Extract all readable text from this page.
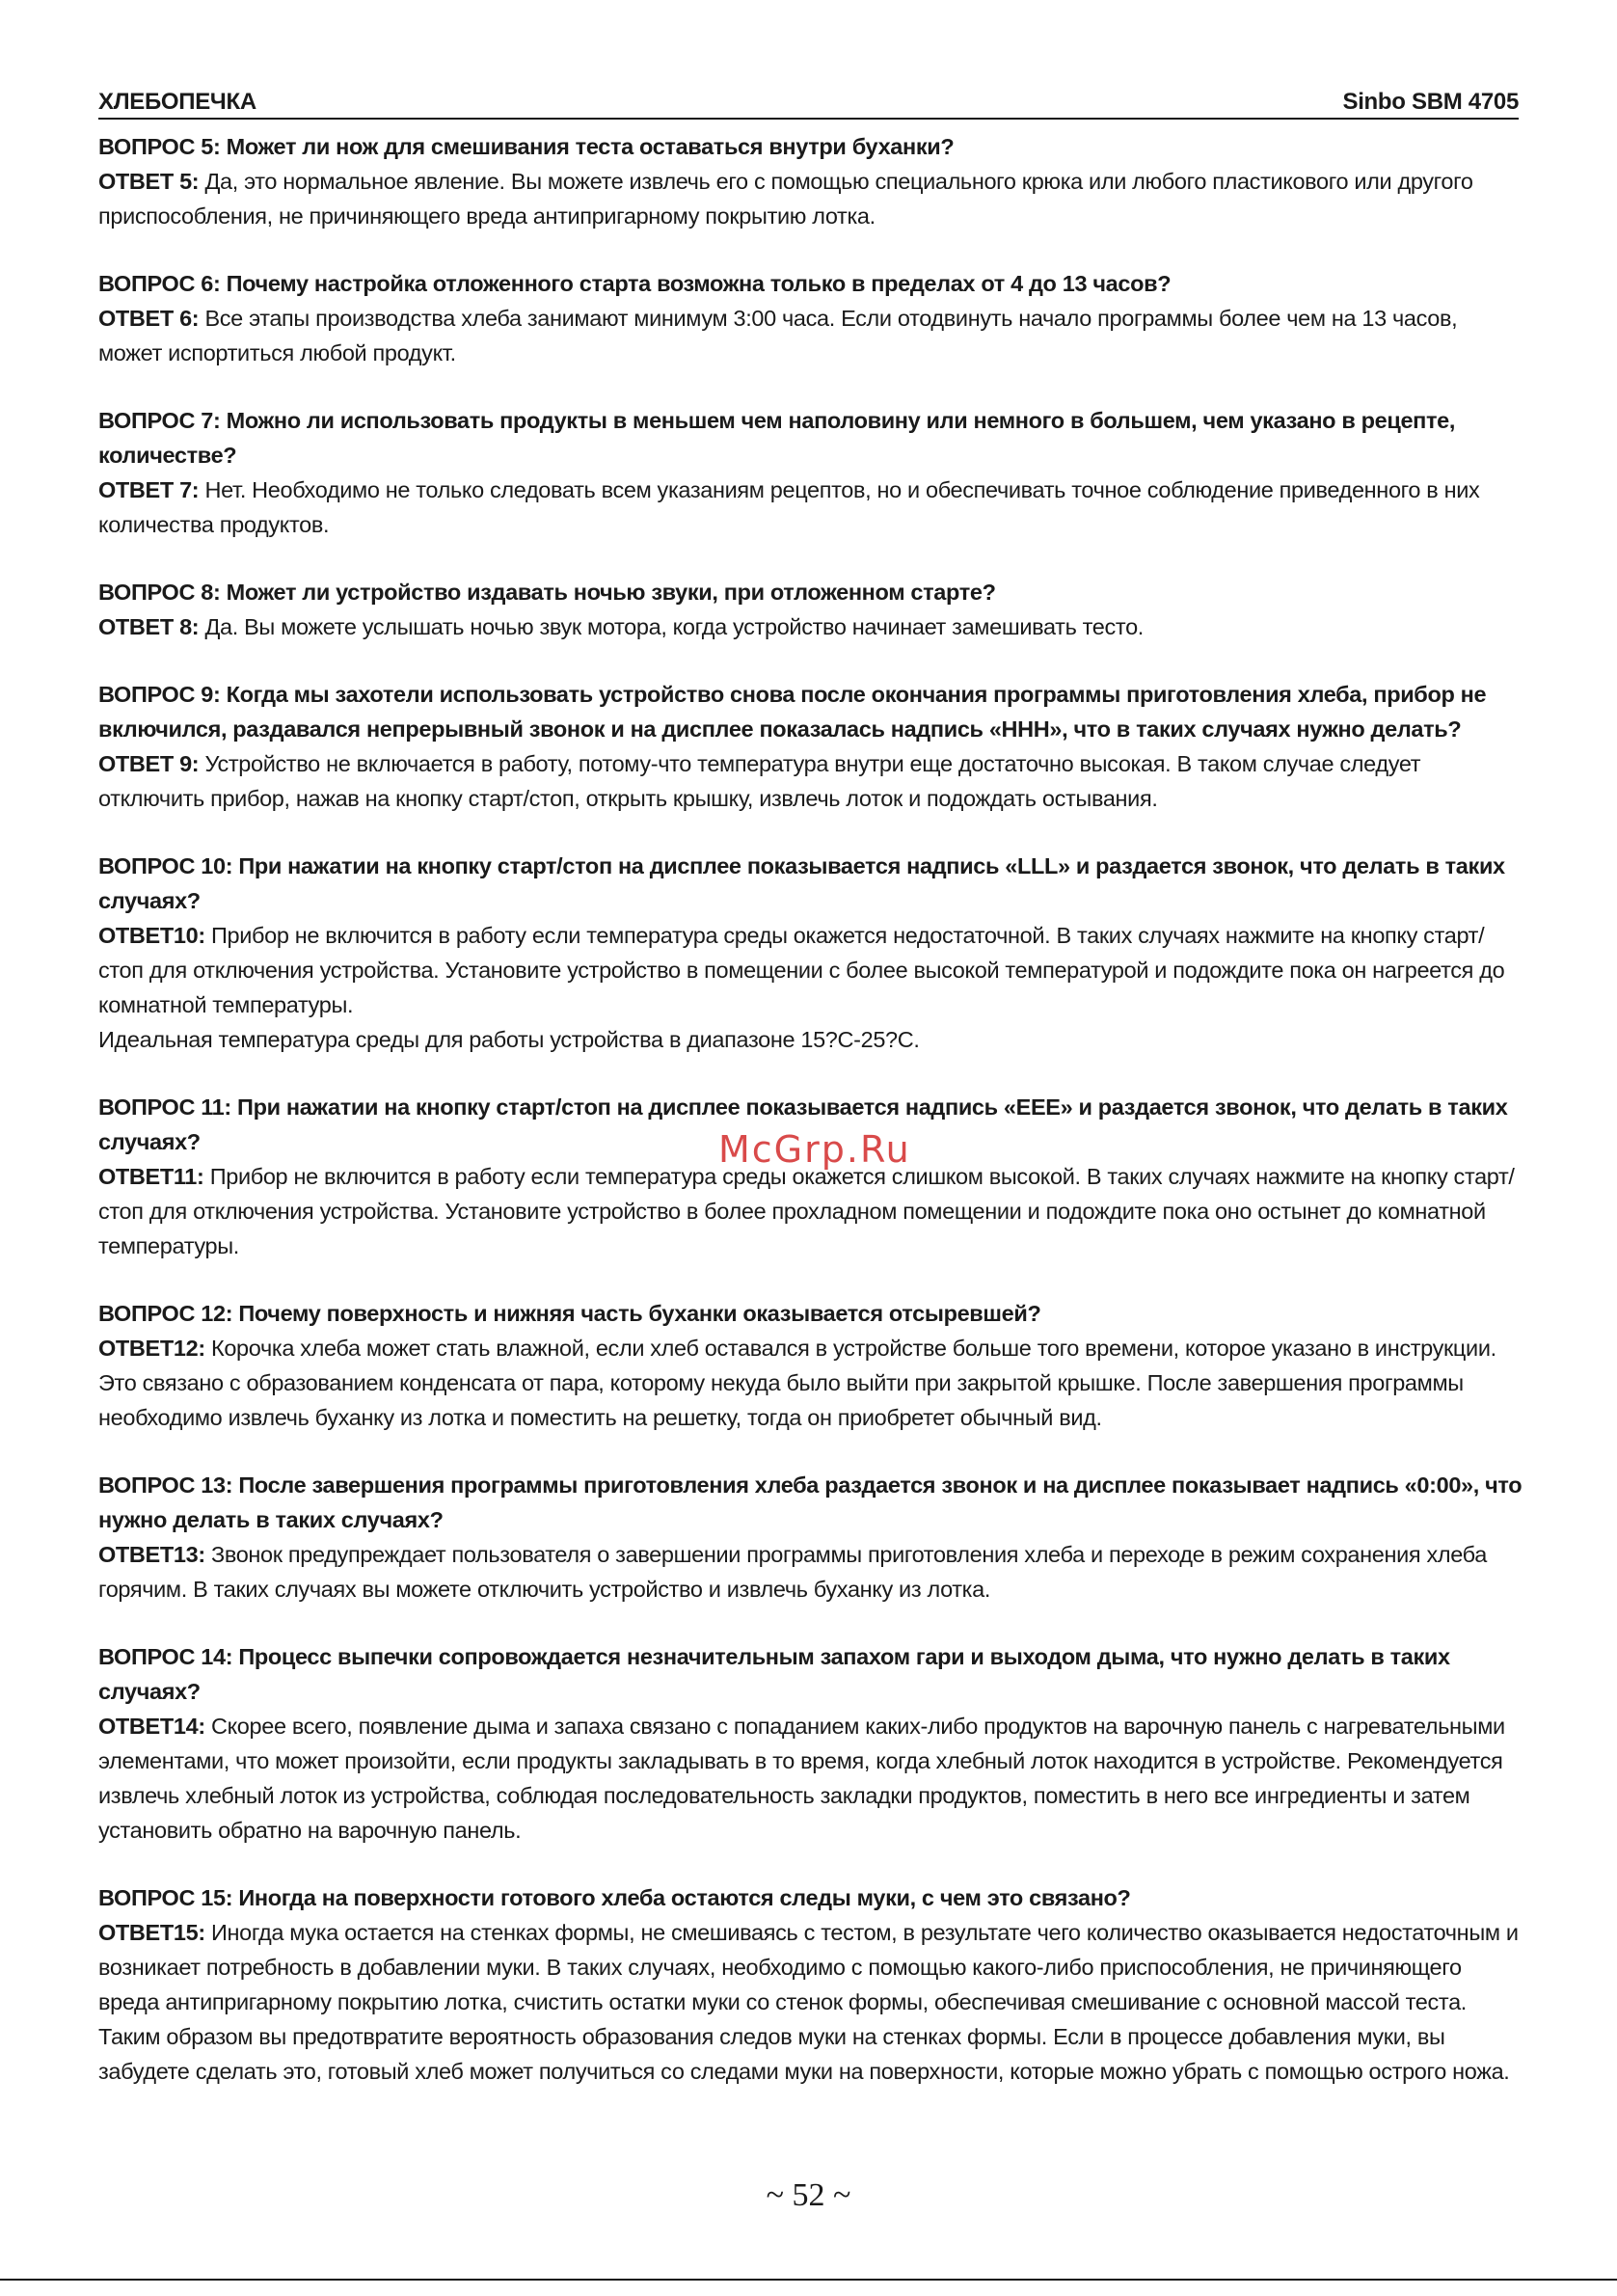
ХЛЕБОПЕЧКА	Sinbo SBM 4705

ВОПРОС 5: Может ли нож для смешивания теста оставаться внутри буханки?

ОТВЕТ 5: Да, это нормальное явление. Вы можете извлечь его с помощью специального крюка или любого пластикового или другого приспособления, не причиняющего вреда антипригарному покрытию лотка.

ВОПРОС 6: Почему настройка отложенного старта возможна только в пределах от 4 до 13 часов?

ОТВЕТ 6: Все этапы производства хлеба занимают минимум 3:00 часа. Если отодвинуть начало программы более чем на 13 часов, может испортиться любой продукт.

ВОПРОС 7: Можно ли использовать продукты в меньшем чем наполовину или немного в большем, чем указано в рецепте, количестве?

ОТВЕТ 7: Нет. Необходимо не только следовать всем указаниям рецептов, но и обеспечивать точное соблюдение приведенного в них количества продуктов.

ВОПРОС 8: Может ли устройство издавать ночью звуки, при отложенном старте?

ОТВЕТ 8: Да. Вы можете услышать ночью звук мотора, когда устройство начинает замешивать тесто.

ВОПРОС 9: Когда мы захотели использовать устройство снова после окончания программы приготовления хлеба, прибор не включился, раздавался непрерывный звонок и на дисплее показалась надпись «HHH», что в таких случаях нужно делать?

ОТВЕТ 9: Устройство не включается в работу, потому-что температура внутри еще достаточно высокая. В таком случае следует отключить прибор, нажав на кнопку старт/стоп, открыть крышку, извлечь лоток и подождать остывания.

ВОПРОС 10: При нажатии на кнопку старт/стоп на дисплее показывается надпись «LLL» и раздается звонок, что делать в таких случаях?

ОТВЕТ10: Прибор не включится в работу если температура среды окажется недостаточной. В таких случаях нажмите на кнопку старт/стоп для отключения устройства. Установите устройство в помещении с более высокой температурой и подождите пока он нагреется до комнатной температуры.

Идеальная температура среды для работы устройства в диапазоне 15?C-25?C.

ВОПРОС 11: При нажатии на кнопку старт/стоп на дисплее показывается надпись «EEE» и раздается звонок, что делать в таких случаях?

ОТВЕТ11: Прибор не включится в работу если температура среды окажется слишком высокой. В таких случаях нажмите на кнопку старт/стоп для отключения устройства. Установите устройство в более прохладном помещении и подождите пока оно остынет до комнатной температуры.

ВОПРОС 12: Почему поверхность и нижняя часть буханки оказывается отсыревшей?

ОТВЕТ12: Корочка хлеба может стать влажной, если хлеб оставался в устройстве больше того времени, которое указано в инструкции. Это связано с образованием конденсата от пара, которому некуда было выйти при закрытой крышке. После завершения программы необходимо извлечь буханку из лотка и поместить на решетку, тогда он приобретет обычный вид.

ВОПРОС 13: После завершения программы приготовления хлеба раздается звонок и на дисплее показывает надпись «0:00», что нужно делать в таких случаях?

ОТВЕТ13: Звонок предупреждает пользователя о завершении программы приготовления хлеба и переходе в режим сохранения хлеба горячим. В таких случаях вы можете отключить устройство и извлечь буханку из лотка.

ВОПРОС 14: Процесс выпечки сопровождается незначительным запахом гари и выходом дыма, что нужно делать в таких случаях?

ОТВЕТ14: Скорее всего, появление дыма и запаха связано с попаданием каких-либо продуктов на варочную панель с нагревательными элементами, что может произойти, если продукты закладывать в то время, когда хлебный лоток находится в устройстве. Рекомендуется извлечь хлебный лоток из устройства, соблюдая последовательность закладки продуктов, поместить в него все ингредиенты и затем установить обратно на варочную панель.

ВОПРОС 15: Иногда на поверхности готового хлеба остаются следы муки, с чем это связано?

ОТВЕТ15: Иногда мука остается на стенках формы, не смешиваясь с тестом, в результате чего количество оказывается недостаточным и возникает потребность в добавлении муки. В таких случаях, необходимо с помощью какого-либо приспособления, не причиняющего вреда антипригарному покрытию лотка, счистить остатки муки со стенок формы, обеспечивая смешивание с основной массой теста. Таким образом вы предотвратите вероятность образования следов муки на стенках формы. Если в процессе добавления муки, вы забудете сделать это, готовый хлеб может получиться со следами муки на поверхности, которые можно убрать с помощью острого ножа.

McGrp.Ru
~ 52 ~
